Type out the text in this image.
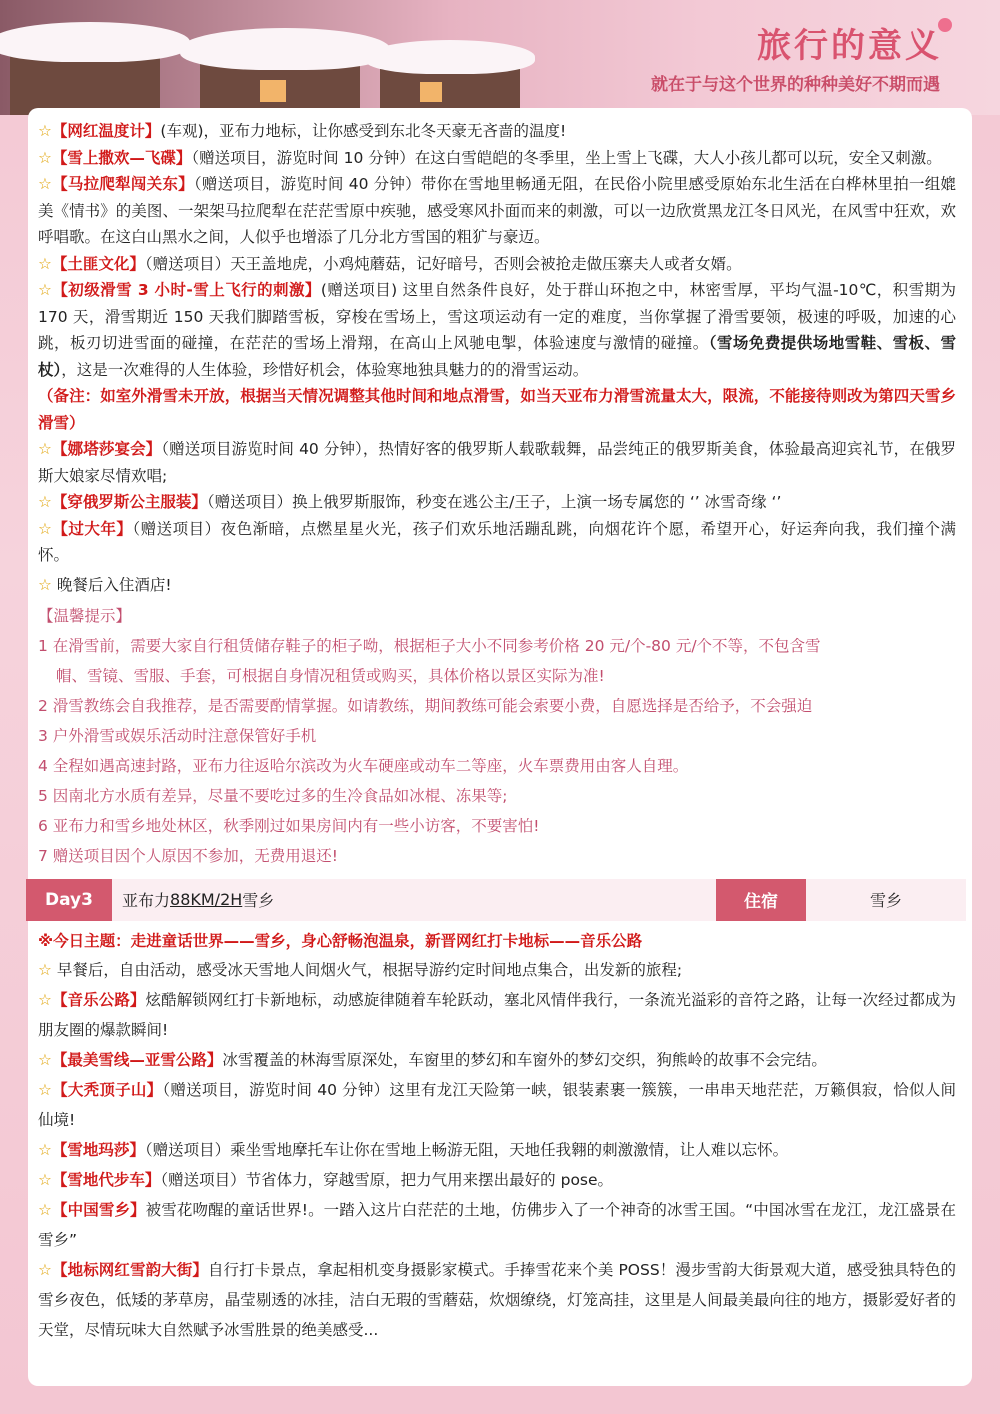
旅行的意义
就在于与这个世界的种种美好不期而遇

☆【网红温度计】(车观)，亚布力地标，让你感受到东北冬天豪无吝啬的温度!

☆【雪上撒欢—飞碟】（赠送项目，游览时间 10 分钟）在这白雪皑皑的冬季里，坐上雪上飞碟，大人小孩儿都可以玩，安全又刺激。

☆【马拉爬犁闯关东】（赠送项目，游览时间 40 分钟）带你在雪地里畅通无阻，在民俗小院里感受原始东北生活在白桦林里拍一组媲美《情书》的美图、一架架马拉爬犁在茫茫雪原中疾驰，感受寒风扑面而来的刺激，可以一边欣赏黑龙江冬日风光，在风雪中狂欢，欢呼唱歌。在这白山黑水之间，人似乎也增添了几分北方雪国的粗犷与豪迈。

☆【土匪文化】（赠送项目）天王盖地虎，小鸡炖蘑菇，记好暗号，否则会被抢走做压寨夫人或者女婿。

☆【初级滑雪 3 小时-雪上飞行的刺激】(赠送项目) 这里自然条件良好，处于群山环抱之中，林密雪厚，平均气温-10℃，积雪期为 170 天，滑雪期近 150 天我们脚踏雪板，穿梭在雪场上，雪这项运动有一定的难度，当你掌握了滑雪要领，极速的呼吸，加速的心跳，板刃切进雪面的碰撞，在茫茫的雪场上滑翔，在高山上风驰电掣，体验速度与激情的碰撞。（雪场免费提供场地雪鞋、雪板、雪杖），这是一次难得的人生体验，珍惜好机会，体验寒地独具魅力的的滑雪运动。

（备注：如室外滑雪未开放，根据当天情况调整其他时间和地点滑雪，如当天亚布力滑雪流量太大，限流，不能接待则改为第四天雪乡滑雪）

☆【娜塔莎宴会】（赠送项目游览时间 40 分钟），热情好客的俄罗斯人载歌载舞，品尝纯正的俄罗斯美食，体验最高迎宾礼节，在俄罗斯大娘家尽情欢唱;

☆【穿俄罗斯公主服装】（赠送项目）换上俄罗斯服饰，秒变在逃公主/王子，上演一场专属您的 ‘’ 冰雪奇缘 ‘’

☆【过大年】（赠送项目）夜色渐暗，点燃星星火光，孩子们欢乐地活蹦乱跳，向烟花许个愿，希望开心，好运奔向我，我们撞个满怀。

☆ 晚餐后入住酒店!

【温馨提示】

1 在滑雪前，需要大家自行租赁储存鞋子的柜子呦，根据柜子大小不同参考价格 20 元/个-80 元/个不等，不包含雪

帽、雪镜、雪服、手套，可根据自身情况租赁或购买，具体价格以景区实际为准!

2 滑雪教练会自我推荐，是否需要酌情掌握。如请教练，期间教练可能会索要小费，自愿选择是否给予，不会强迫

3 户外滑雪或娱乐活动时注意保管好手机

4 全程如遇高速封路，亚布力往返哈尔滨改为火车硬座或动车二等座，火车票费用由客人自理。

5 因南北方水质有差异，尽量不要吃过多的生冷食品如冰棍、冻果等;

6 亚布力和雪乡地处林区，秋季刚过如果房间内有一些小访客，不要害怕!

7 赠送项目因个人原因不参加，无费用退还!

Day3	亚布力 88KM/2H 雪乡	住宿	雪乡

※今日主题：走进童话世界——雪乡，身心舒畅泡温泉，新晋网红打卡地标——音乐公路

☆ 早餐后，自由活动，感受冰天雪地人间烟火气，根据导游约定时间地点集合，出发新的旅程;

☆【音乐公路】炫酷解锁网红打卡新地标，动感旋律随着车轮跃动，塞北风情伴我行，一条流光溢彩的音符之路，让每一次经过都成为朋友圈的爆款瞬间!

☆【最美雪线—亚雪公路】冰雪覆盖的林海雪原深处，车窗里的梦幻和车窗外的梦幻交织，狗熊岭的故事不会完结。

☆【大秃顶子山】（赠送项目，游览时间 40 分钟）这里有龙江天险第一峡，银装素裹一簇簇，一串串天地茫茫，万籁俱寂，恰似人间仙境!

☆【雪地玛莎】（赠送项目）乘坐雪地摩托车让你在雪地上畅游无阻，天地任我翱的刺激激情，让人难以忘怀。

☆【雪地代步车】（赠送项目）节省体力，穿越雪原，把力气用来摆出最好的 pose。

☆【中国雪乡】被雪花吻醒的童话世界!。一踏入这片白茫茫的土地，仿佛步入了一个神奇的冰雪王国。“中国冰雪在龙江，龙江盛景在雪乡”

☆【地标网红雪韵大街】自行打卡景点，拿起相机变身摄影家模式。手捧雪花来个美 POSS！漫步雪韵大街景观大道，感受独具特色的雪乡夜色，低矮的茅草房，晶莹剔透的冰挂，洁白无瑕的雪蘑菇，炊烟缭绕，灯笼高挂，这里是人间最美最向往的地方，摄影爱好者的天堂，尽情玩味大自然赋予冰雪胜景的绝美感受...
